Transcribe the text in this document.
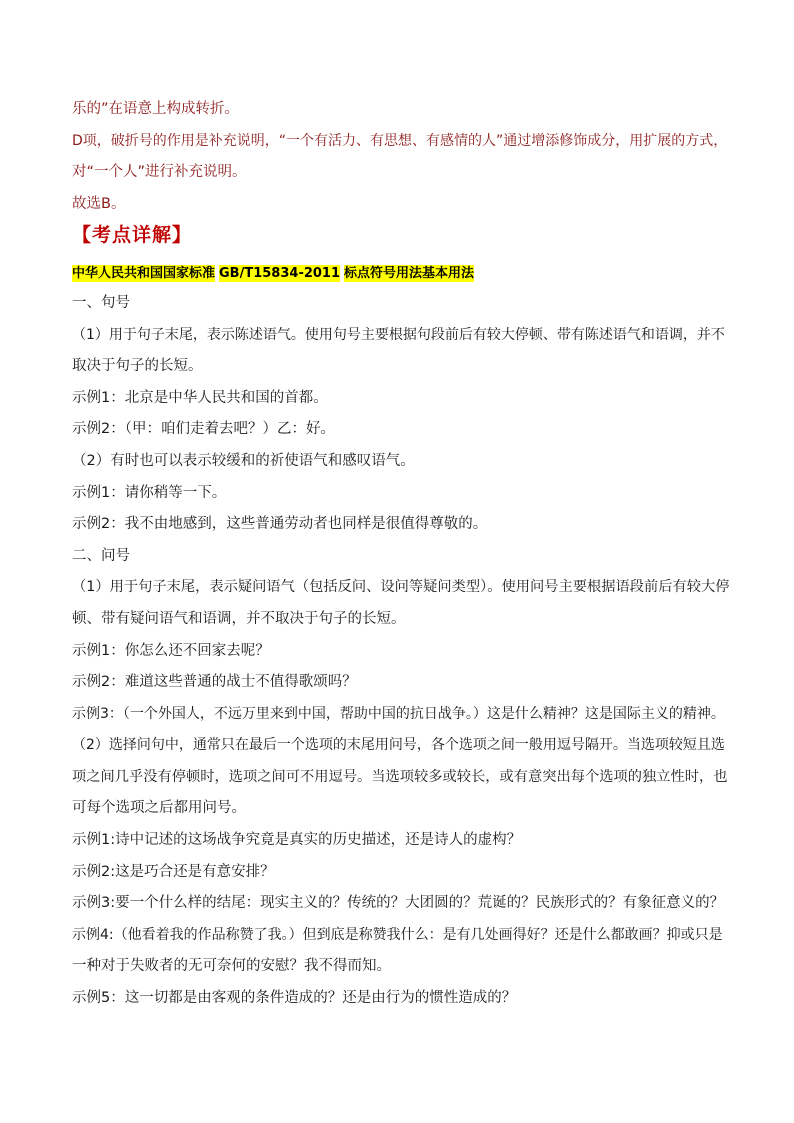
乐的”在语意上构成转折。
D项，破折号的作用是补充说明，“一个有活力、有思想、有感情的人”通过增添修饰成分，用扩展的方式，
对“一个人”进行补充说明。
故选B。
【考点详解】
中华人民共和国国家标准 GB/T15834-2011 标点符号用法基本用法
一、句号
（1）用于句子末尾，表示陈述语气。使用句号主要根据句段前后有较大停顿、带有陈述语气和语调，并不
取决于句子的长短。
示例1：北京是中华人民共和国的首都。
示例2：（甲：咱们走着去吧？）乙：好。
（2）有时也可以表示较缓和的祈使语气和感叹语气。
示例1：请你稍等一下。
示例2：我不由地感到，这些普通劳动者也同样是很值得尊敬的。
二、问号
（1）用于句子末尾，表示疑问语气（包括反问、设问等疑问类型）。使用问号主要根据语段前后有较大停
顿、带有疑问语气和语调，并不取决于句子的长短。
示例1：你怎么还不回家去呢？
示例2：难道这些普通的战士不值得歌颂吗？
示例3：（一个外国人，不远万里来到中国，帮助中国的抗日战争。）这是什么精神？这是国际主义的精神。
（2）选择问句中，通常只在最后一个选项的末尾用问号，各个选项之间一般用逗号隔开。当选项较短且选
项之间几乎没有停顿时，选项之间可不用逗号。当选项较多或较长，或有意突出每个选项的独立性时，也
可每个选项之后都用问号。
示例1:诗中记述的这场战争究竟是真实的历史描述，还是诗人的虚构？
示例2:这是巧合还是有意安排？
示例3:要一个什么样的结尾：现实主义的？传统的？大团圆的？荒诞的？民族形式的？有象征意义的？
示例4:（他看着我的作品称赞了我。）但到底是称赞我什么：是有几处画得好？还是什么都敢画？抑或只是
一种对于失败者的无可奈何的安慰？我不得而知。
示例5：这一切都是由客观的条件造成的？还是由行为的惯性造成的？
